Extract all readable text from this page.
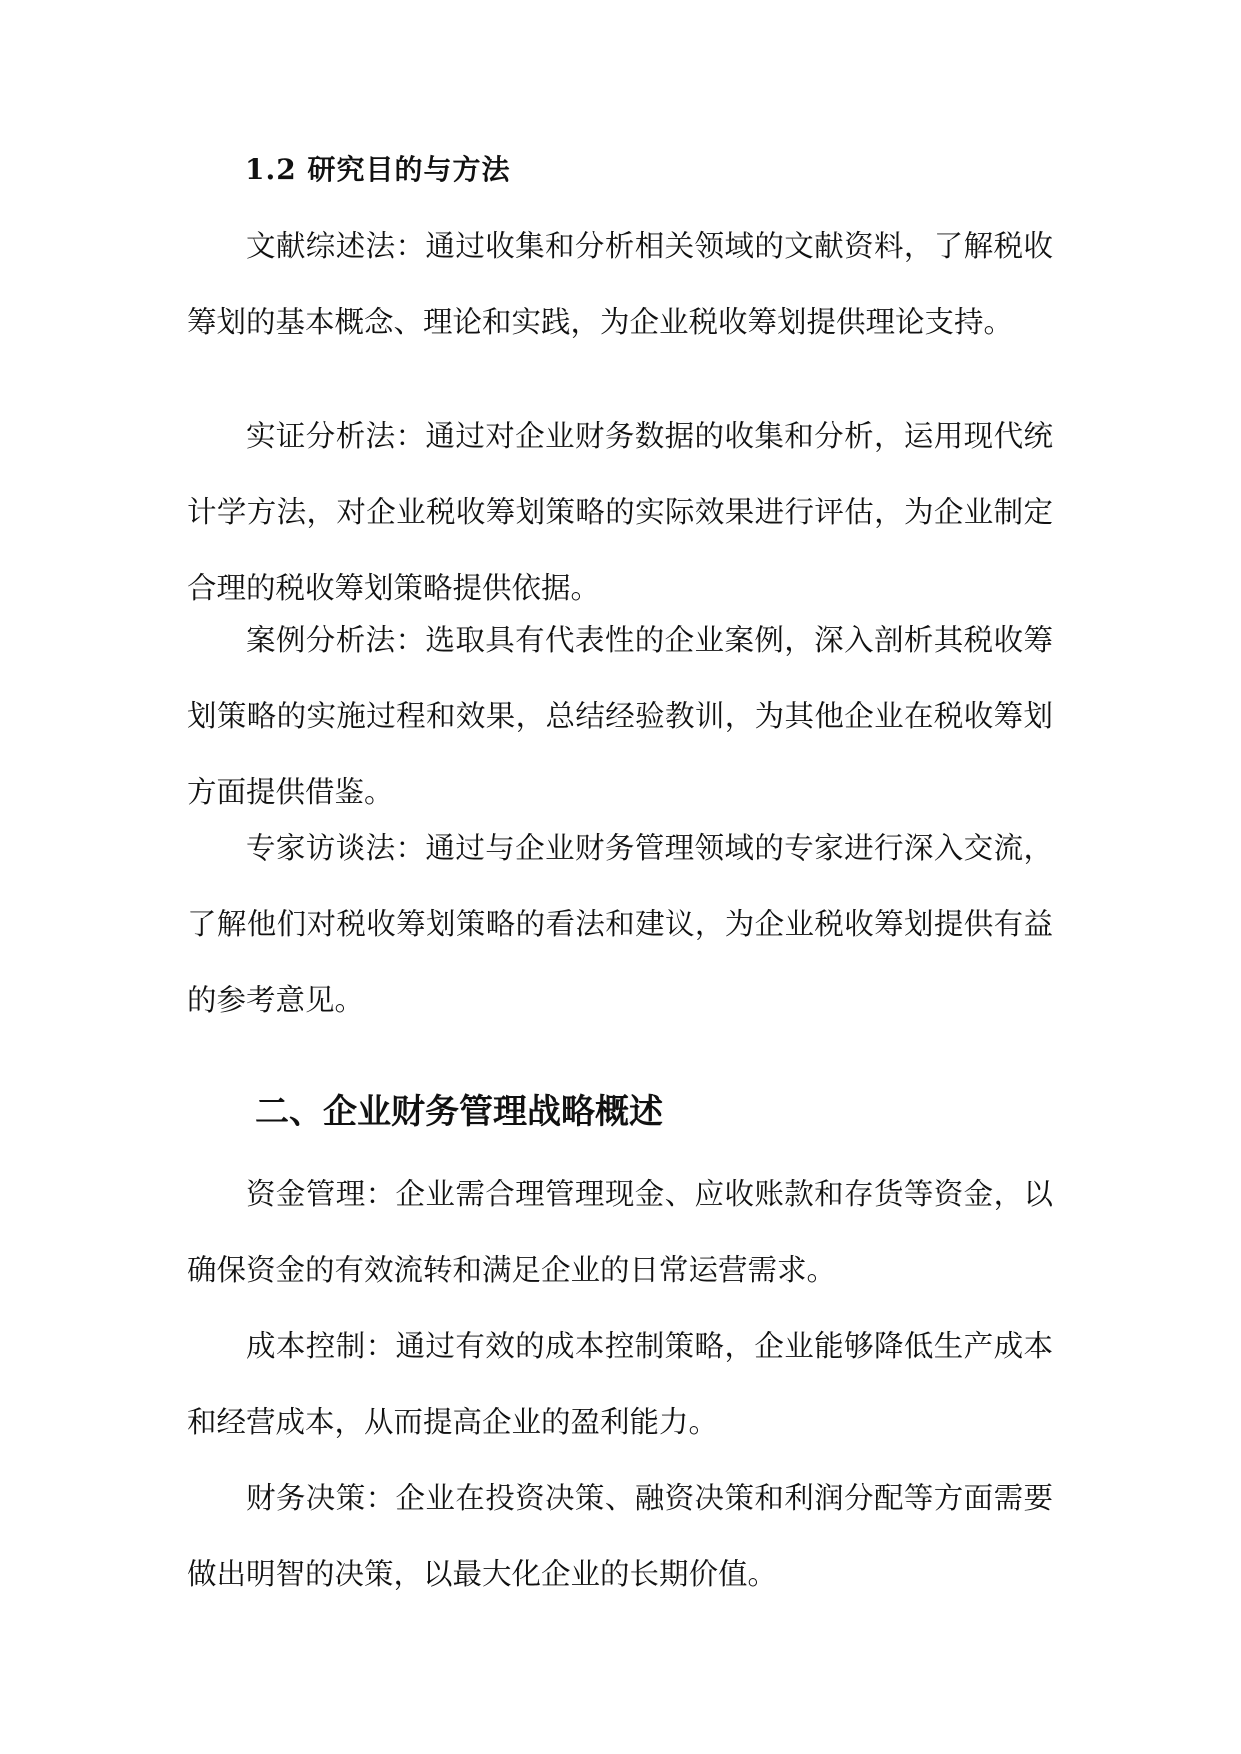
1.2 研究目的与方法

文献综述法：通过收集和分析相关领域的文献资料，了解税收筹划的基本概念、理论和实践，为企业税收筹划提供理论支持。

实证分析法：通过对企业财务数据的收集和分析，运用现代统计学方法，对企业税收筹划策略的实际效果进行评估，为企业制定合理的税收筹划策略提供依据。

案例分析法：选取具有代表性的企业案例，深入剖析其税收筹划策略的实施过程和效果，总结经验教训，为其他企业在税收筹划方面提供借鉴。

专家访谈法：通过与企业财务管理领域的专家进行深入交流，了解他们对税收筹划策略的看法和建议，为企业税收筹划提供有益的参考意见。

二、企业财务管理战略概述

资金管理：企业需合理管理现金、应收账款和存货等资金，以确保资金的有效流转和满足企业的日常运营需求。

成本控制：通过有效的成本控制策略，企业能够降低生产成本和经营成本，从而提高企业的盈利能力。

财务决策：企业在投资决策、融资决策和利润分配等方面需要做出明智的决策，以最大化企业的长期价值。
